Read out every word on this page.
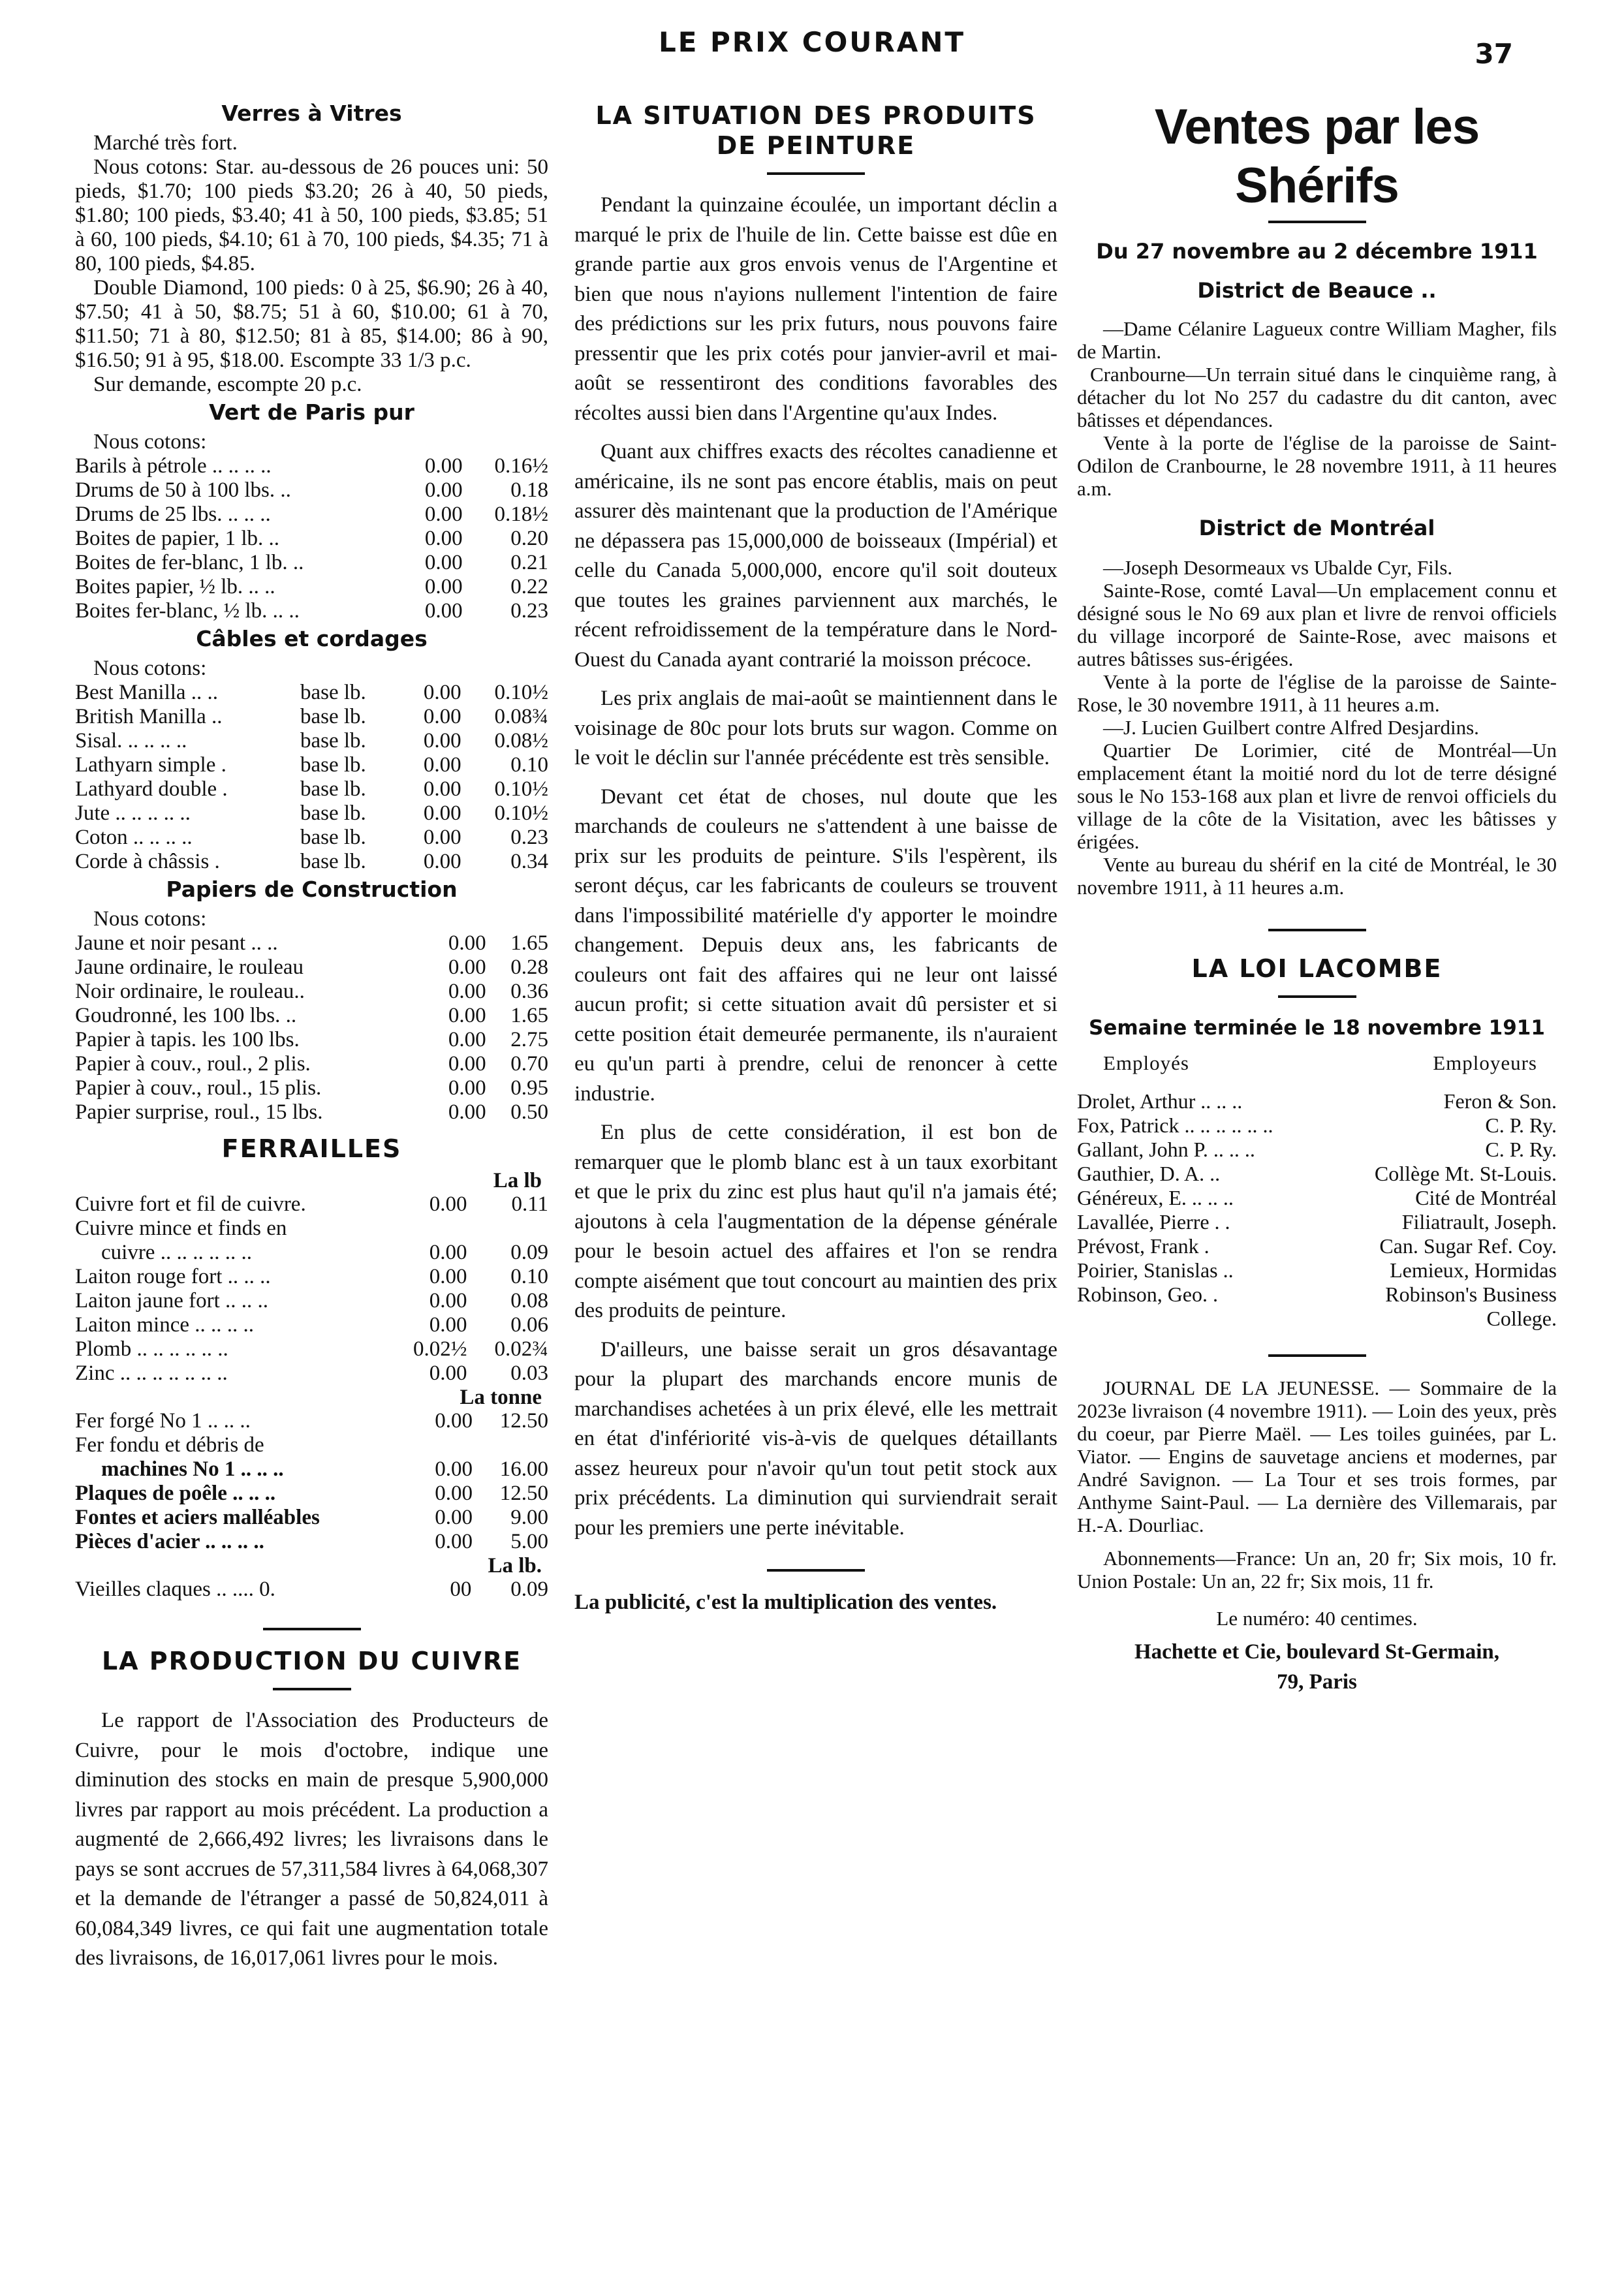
LE PRIX COURANT	37
Verres à Vitres

Marché très fort.

Nous cotons: Star. au-dessous de 26 pouces uni: 50 pieds, $1.70; 100 pieds $3.20; 26 à 40, 50 pieds, $1.80; 100 pieds, $3.40; 41 à 50, 100 pieds, $3.85; 51 à 60, 100 pieds, $4.10; 61 à 70, 100 pieds, $4.35; 71 à 80, 100 pieds, $4.85.

Double Diamond, 100 pieds: 0 à 25, $6.90; 26 à 40, $7.50; 41 à 50, $8.75; 51 à 60, $10.00; 61 à 70, $11.50; 71 à 80, $12.50; 81 à 85, $14.00; 86 à 90, $16.50; 91 à 95, $18.00. Escompte 33 1/3 p.c.

Sur demande, escompte 20 p.c.

Vert de Paris pur
Nous cotons:
Barils à pétrole .. .. .. ..	0.00	0.16½
Drums de 50 à 100 lbs. ..	0.00	0.18
Drums de 25 lbs. .. .. ..	0.00	0.18½
Boites de papier, 1 lb. ..	0.00	0.20
Boites de fer-blanc, 1 lb. ..	0.00	0.21
Boites papier, ½ lb. .. ..	0.00	0.22
Boites fer-blanc, ½ lb. .. ..	0.00	0.23
Câbles et cordages
Nous cotons:
Best Manilla .. ..	base lb.	0.00	0.10½
British Manilla ..	base lb.	0.00	0.08¾
Sisal. .. .. .. ..	base lb.	0.00	0.08½
Lathyarn simple .	base lb.	0.00	0.10
Lathyard double .	base lb.	0.00	0.10½
Jute .. .. .. .. ..	base lb.	0.00	0.10½
Coton .. .. .. ..	base lb.	0.00	0.23
Corde à châssis .	base lb.	0.00	0.34
Papiers de Construction
Nous cotons:
Jaune et noir pesant .. ..	0.00	1.65
Jaune ordinaire, le rouleau	0.00	0.28
Noir ordinaire, le rouleau..	0.00	0.36
Goudronné, les 100 lbs. ..	0.00	1.65
Papier à tapis. les 100 lbs.	0.00	2.75
Papier à couv., roul., 2 plis.	0.00	0.70
Papier à couv., roul., 15 plis.	0.00	0.95
Papier surprise, roul., 15 lbs.	0.00	0.50
FERRAILLES
La lb
Cuivre fort et fil de cuivre.	0.00	0.11
Cuivre mince et finds en		
cuivre .. .. .. .. .. ..	0.00	0.09
Laiton rouge fort .. .. ..	0.00	0.10
Laiton jaune fort .. .. ..	0.00	0.08
Laiton mince .. .. .. ..	0.00	0.06
Plomb .. .. .. .. .. ..	0.02½	0.02¾
Zinc .. .. .. .. .. .. ..	0.00	0.03
La tonne
Fer forgé No 1 .. .. ..	0.00	12.50
Fer fondu et débris de		
machines No 1 .. .. ..	0.00	16.00
Plaques de poêle .. .. ..	0.00	12.50
Fontes et aciers malléables	0.00	9.00
Pièces d'acier .. .. .. ..	0.00	5.00
La lb.
Vieilles claques .. .... 0.	00	0.09
LA PRODUCTION DU CUIVRE

Le rapport de l'Association des Producteurs de Cuivre, pour le mois d'octobre, indique une diminution des stocks en main de presque 5,900,000 livres par rapport au mois précédent. La production a augmenté de 2,666,492 livres; les livraisons dans le pays se sont accrues de 57,311,584 livres à 64,068,307 et la demande de l'étranger a passé de 50,824,011 à 60,084,349 livres, ce qui fait une augmentation totale des livraisons, de 16,017,061 livres pour le mois.

LA SITUATION DES PRODUITS DE PEINTURE

Pendant la quinzaine écoulée, un important déclin a marqué le prix de l'huile de lin. Cette baisse est dûe en grande partie aux gros envois venus de l'Argentine et bien que nous n'ayions nullement l'intention de faire des prédictions sur les prix futurs, nous pouvons faire pressentir que les prix cotés pour janvier-avril et mai-août se ressentiront des conditions favorables des récoltes aussi bien dans l'Argentine qu'aux Indes.

Quant aux chiffres exacts des récoltes canadienne et américaine, ils ne sont pas encore établis, mais on peut assurer dès maintenant que la production de l'Amérique ne dépassera pas 15,000,000 de boisseaux (Impérial) et celle du Canada 5,000,000, encore qu'il soit douteux que toutes les graines parviennent aux marchés, le récent refroidissement de la température dans le Nord-Ouest du Canada ayant contrarié la moisson précoce.

Les prix anglais de mai-août se maintiennent dans le voisinage de 80c pour lots bruts sur wagon. Comme on le voit le déclin sur l'année précédente est très sensible.

Devant cet état de choses, nul doute que les marchands de couleurs ne s'attendent à une baisse de prix sur les produits de peinture. S'ils l'espèrent, ils seront déçus, car les fabricants de couleurs se trouvent dans l'impossibilité matérielle d'y apporter le moindre changement. Depuis deux ans, les fabricants de couleurs ont fait des affaires qui ne leur ont laissé aucun profit; si cette situation avait dû persister et si cette position était demeurée permanente, ils n'auraient eu qu'un parti à prendre, celui de renoncer à cette industrie.

En plus de cette considération, il est bon de remarquer que le plomb blanc est à un taux exorbitant et que le prix du zinc est plus haut qu'il n'a jamais été; ajoutons à cela l'augmentation de la dépense générale pour le besoin actuel des affaires et l'on se rendra compte aisément que tout concourt au maintien des prix des produits de peinture.

D'ailleurs, une baisse serait un gros désavantage pour la plupart des marchands encore munis de marchandises achetées à un prix élevé, elle les mettrait en état d'infériorité vis-à-vis de quelques détaillants assez heureux pour n'avoir qu'un tout petit stock aux prix précédents. La diminution qui surviendrait serait pour les premiers une perte inévitable.

La publicité, c'est la multiplication des ventes.
Ventes par les Shérifs
Du 27 novembre au 2 décembre 1911
District de Beauce ..

—Dame Célanire Lagueux contre William Magher, fils de Martin.

Cranbourne—Un terrain situé dans le cinquième rang, à détacher du lot No 257 du cadastre du dit canton, avec bâtisses et dépendances.

Vente à la porte de l'église de la paroisse de Saint-Odilon de Cranbourne, le 28 novembre 1911, à 11 heures a.m.

District de Montréal

—Joseph Desormeaux vs Ubalde Cyr, Fils.

Sainte-Rose, comté Laval—Un emplacement connu et désigné sous le No 69 aux plan et livre de renvoi officiels du village incorporé de Sainte-Rose, avec maisons et autres bâtisses sus-érigées.

Vente à la porte de l'église de la paroisse de Sainte-Rose, le 30 novembre 1911, à 11 heures a.m.

—J. Lucien Guilbert contre Alfred Desjardins.

Quartier De Lorimier, cité de Montréal—Un emplacement étant la moitié nord du lot de terre désigné sous le No 153-168 aux plan et livre de renvoi officiels du village de la côte de la Visitation, avec les bâtisses y érigées.

Vente au bureau du shérif en la cité de Montréal, le 30 novembre 1911, à 11 heures a.m.

LA LOI LACOMBE
Semaine terminée le 18 novembre 1911
Employés	Employeurs
Drolet, Arthur .. .. ..	Feron & Son.
Fox, Patrick .. .. .. .. .. ..	C. P. Ry.
Gallant, John P. .. .. ..	C. P. Ry.
Gauthier, D. A. ..	Collège Mt. St-Louis.
Généreux, E. .. .. ..	Cité de Montréal
Lavallée, Pierre . .	Filiatrault, Joseph.
Prévost, Frank .	Can. Sugar Ref. Coy.
Poirier, Stanislas ..	Lemieux, Hormidas
Robinson, Geo. .	Robinson's Business
	College.

JOURNAL DE LA JEUNESSE. — Sommaire de la 2023e livraison (4 novembre 1911). — Loin des yeux, près du coeur, par Pierre Maël. — Les toiles guinées, par L. Viator. — Engins de sauvetage anciens et modernes, par André Savignon. — La Tour et ses trois formes, par Anthyme Saint-Paul. — La dernière des Villemarais, par H.-A. Dourliac.

Abonnements—France: Un an, 20 fr; Six mois, 10 fr. Union Postale: Un an, 22 fr; Six mois, 11 fr.

Le numéro: 40 centimes.
Hachette et Cie, boulevard St-Germain,
79, Paris
